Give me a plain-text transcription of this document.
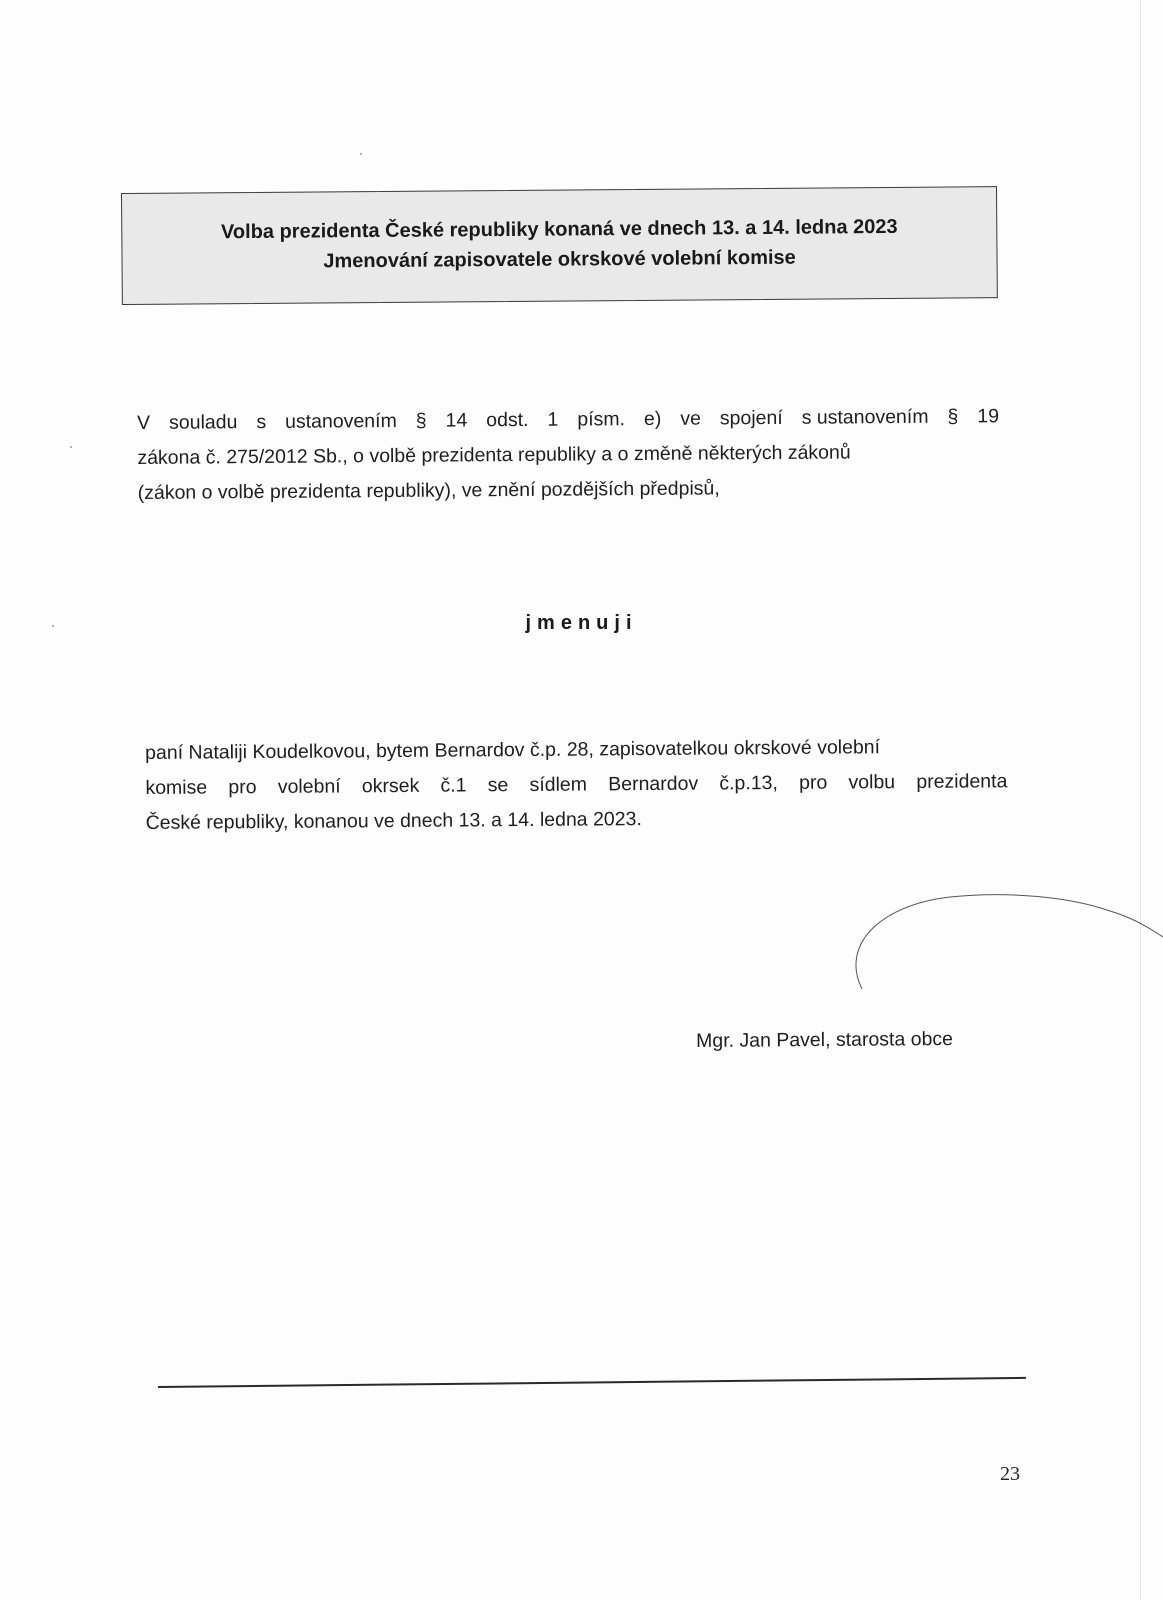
Volba prezidenta České republiky konaná ve dnech 13. a 14. ledna 2023
Jmenování zapisovatele okrskové volební komise
V souladu s ustanovením § 14 odst. 1 písm. e) ve spojení s ustanovením § 19
zákona č. 275/2012 Sb., o volbě prezidenta republiky a o změně některých zákonů
(zákon o volbě prezidenta republiky), ve znění pozdějších předpisů,
jmenuji
paní Nataliji Koudelkovou, bytem Bernardov č.p. 28, zapisovatelkou okrskové volební
komise pro volební okrsek č.1 se sídlem Bernardov č.p.13, pro volbu prezidenta
České republiky, konanou ve dnech 13. a 14. ledna 2023.
Mgr. Jan Pavel, starosta obce
23
